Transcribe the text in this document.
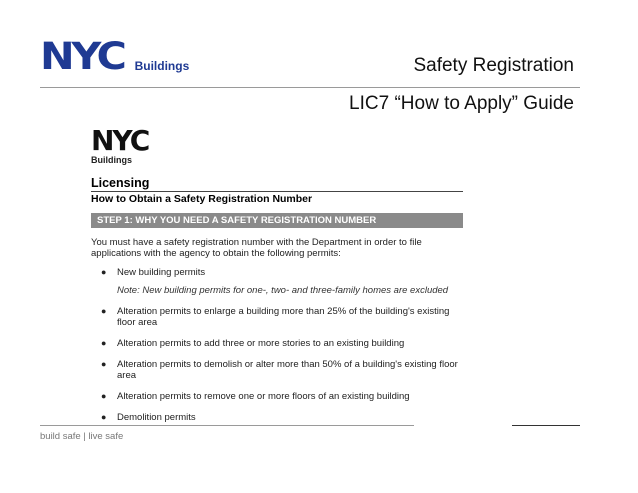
NYC Buildings	Safety Registration
LIC7 “How to Apply” Guide
NYC
Buildings
Licensing
How to Obtain a Safety Registration Number
STEP 1: WHY YOU NEED A SAFETY REGISTRATION NUMBER
You must have a safety registration number with the Department in order to file applications with the agency to obtain the following permits:
●	New building permits
Note: New building permits for one-, two- and three-family homes are excluded
●	Alteration permits to enlarge a building more than 25% of the building's existing floor area
●	Alteration permits to add three or more stories to an existing building
●	Alteration permits to demolish or alter more than 50% of a building's existing floor area
●	Alteration permits to remove one or more floors of an existing building
●	Demolition permits
build safe | live safe
